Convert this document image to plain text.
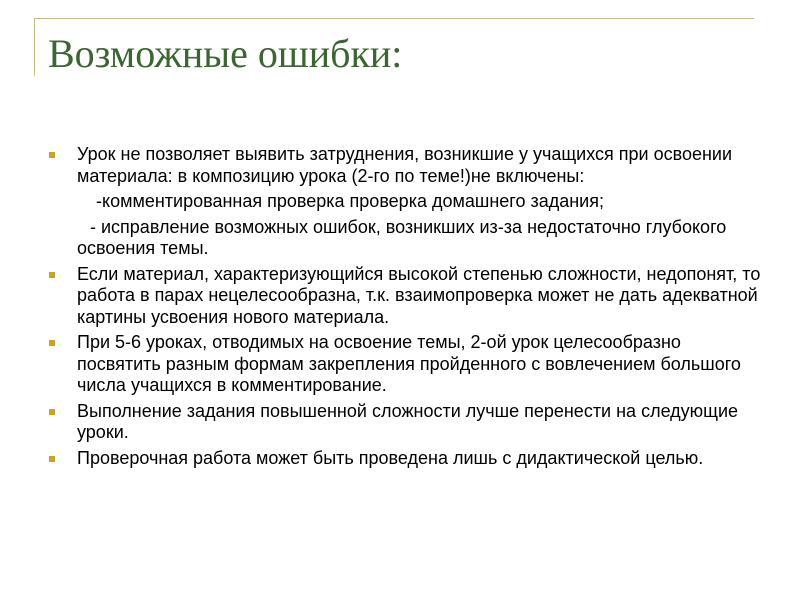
Возможные ошибки:
Урок не позволяет выявить затруднения, возникшие у учащихся при освоении материала: в композицию урока (2-го по теме!)не включены:
-комментированная проверка проверка домашнего задания;
- исправление возможных ошибок, возникших из-за недостаточно глубокого освоения темы.
Если материал, характеризующийся высокой степенью сложности, недопонят, то работа в парах нецелесообразна, т.к. взаимопроверка может не дать адекватной картины усвоения нового материала.
При 5-6 уроках, отводимых на освоение темы, 2-ой урок целесообразно посвятить разным формам закрепления пройденного с вовлечением большого числа учащихся в комментирование.
Выполнение задания повышенной сложности лучше перенести на следующие уроки.
Проверочная работа может быть проведена лишь с дидактической целью.
